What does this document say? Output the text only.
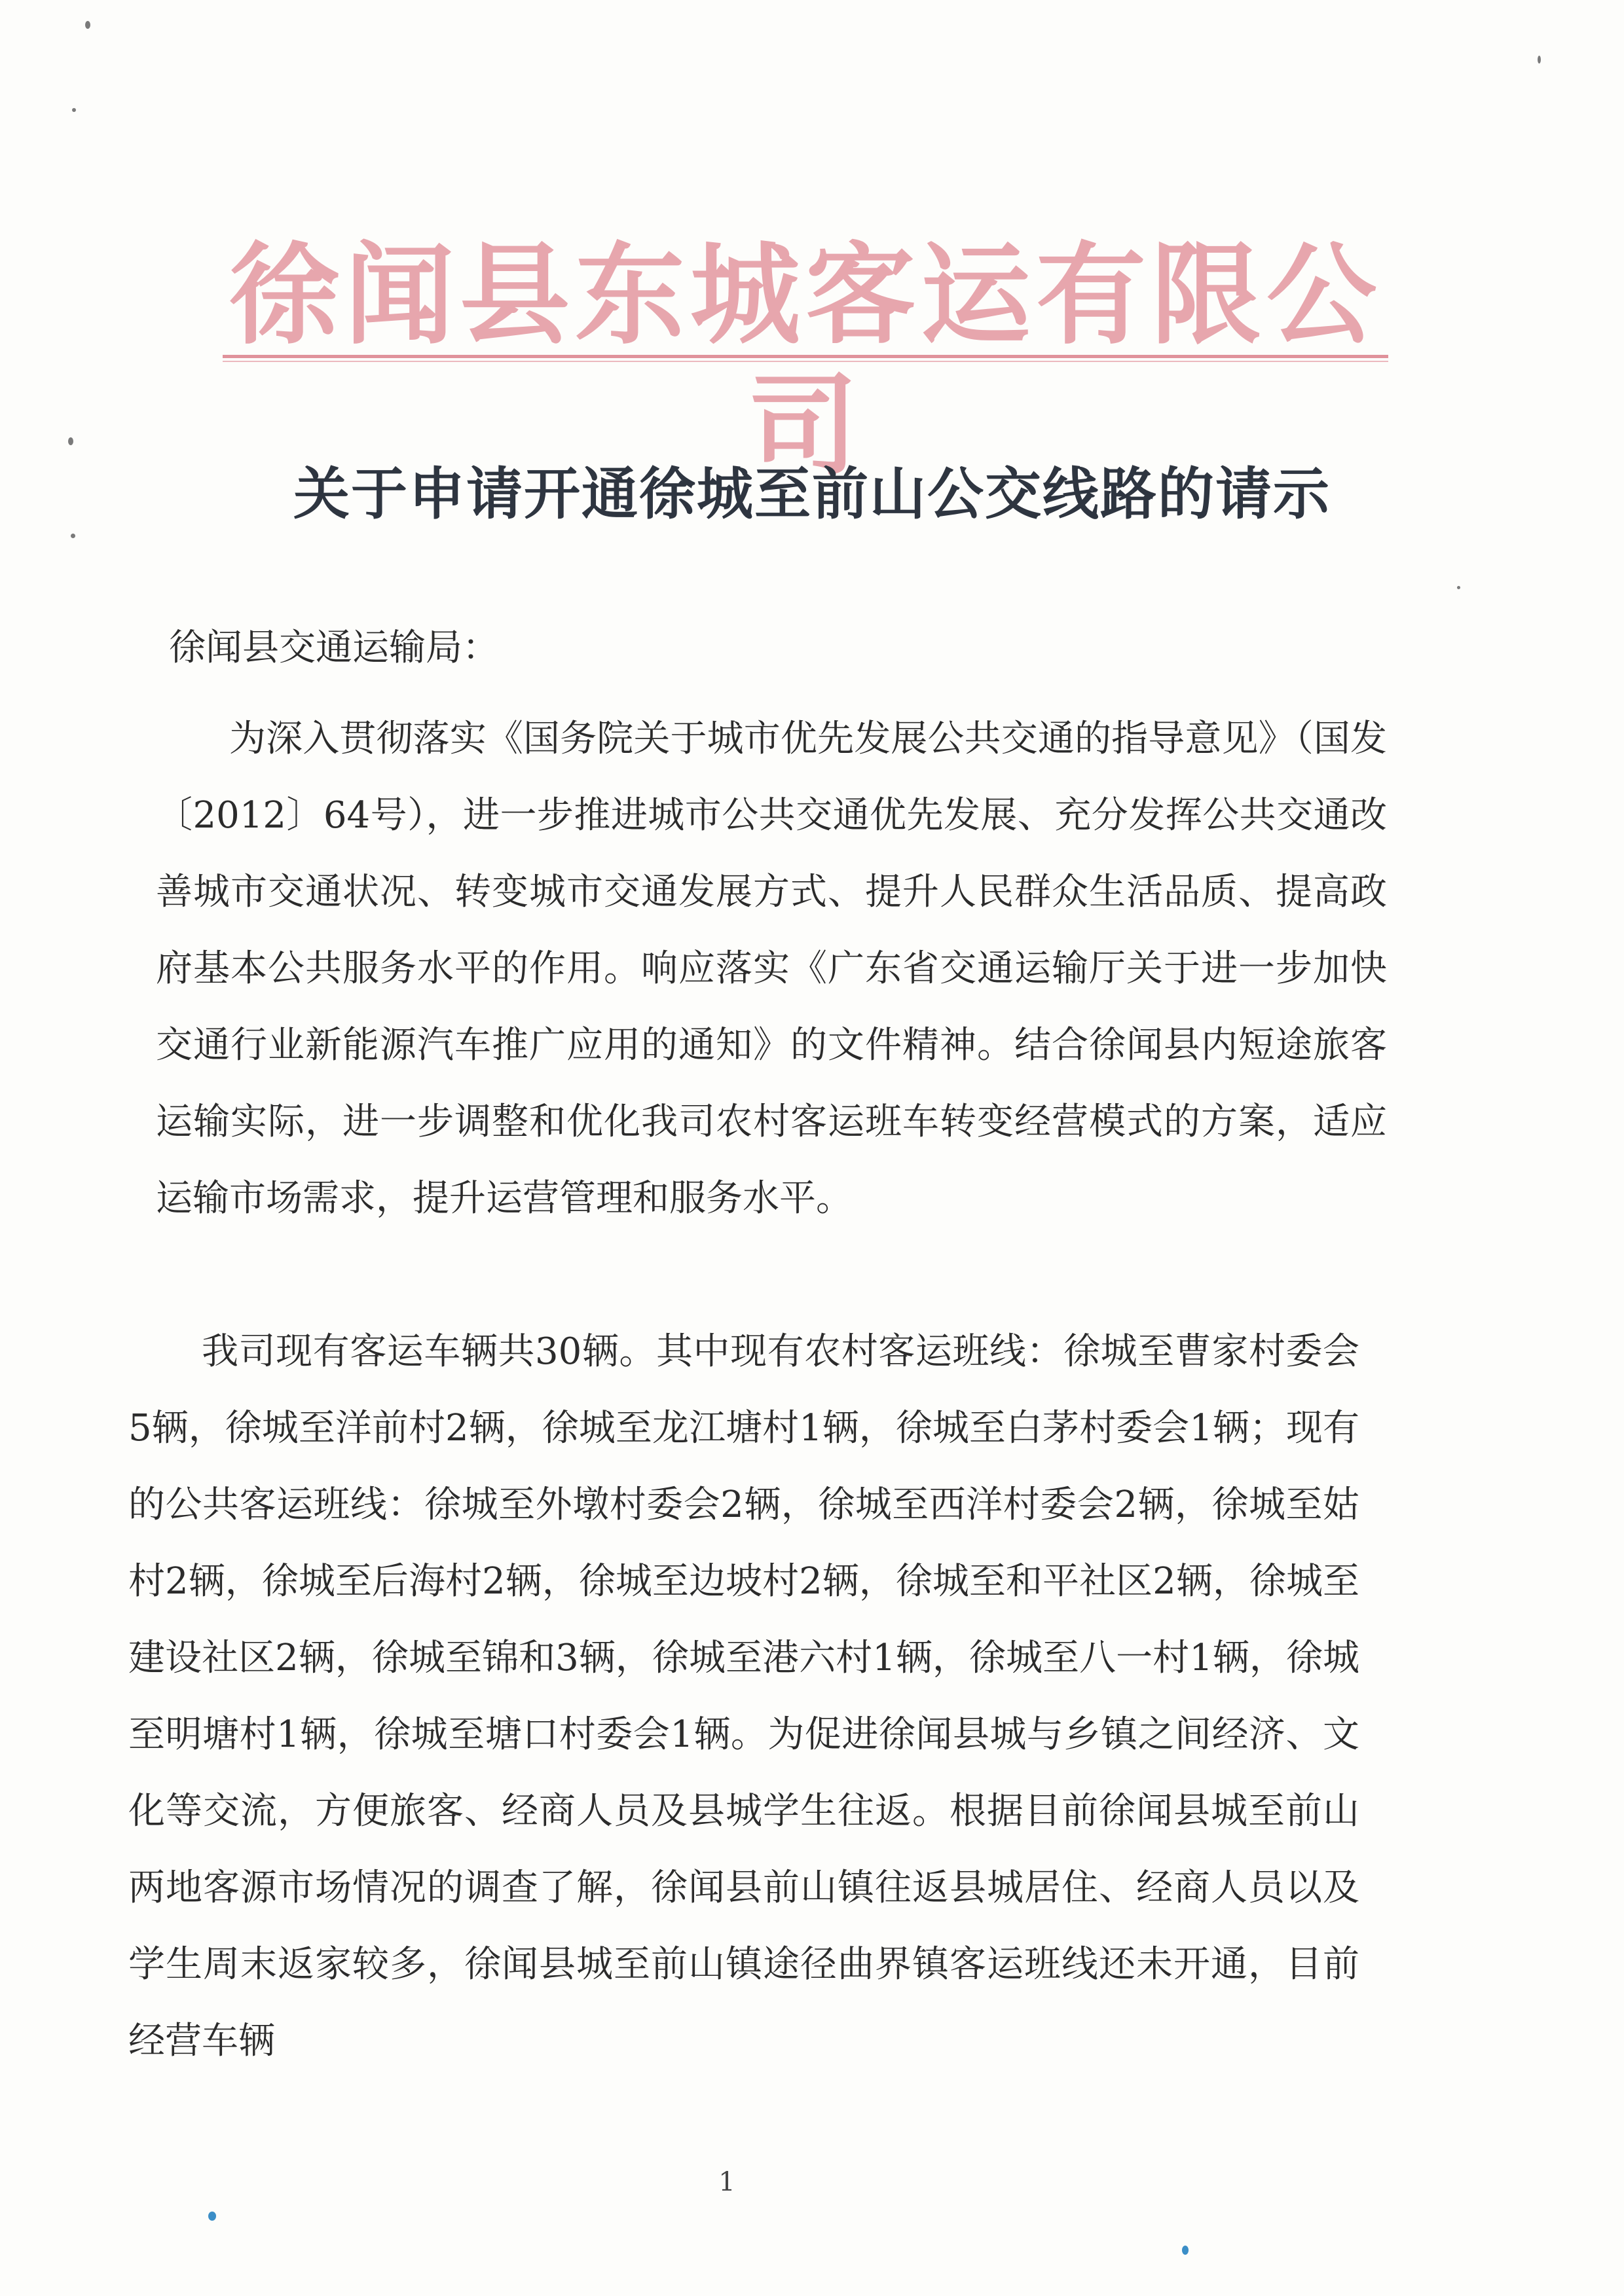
徐闻县东城客运有限公司
关于申请开通徐城至前山公交线路的请示
徐闻县交通运输局：

为深入贯彻落实《国务院关于城市优先发展公共交通的指导意见》（国发〔2012〕64号），进一步推进城市公共交通优先发展、充分发挥公共交通改善城市交通状况、转变城市交通发展方式、提升人民群众生活品质、提高政府基本公共服务水平的作用。响应落实《广东省交通运输厅关于进一步加快交通行业新能源汽车推广应用的通知》的文件精神。结合徐闻县内短途旅客运输实际，进一步调整和优化我司农村客运班车转变经营模式的方案，适应运输市场需求，提升运营管理和服务水平。

我司现有客运车辆共30辆。其中现有农村客运班线：徐城至曹家村委会5辆，徐城至洋前村2辆，徐城至龙江塘村1辆，徐城至白茅村委会1辆；现有的公共客运班线：徐城至外墩村委会2辆，徐城至西洋村委会2辆，徐城至姑村2辆，徐城至后海村2辆，徐城至边坡村2辆，徐城至和平社区2辆，徐城至建设社区2辆，徐城至锦和3辆，徐城至港六村1辆，徐城至八一村1辆，徐城至明塘村1辆，徐城至塘口村委会1辆。为促进徐闻县城与乡镇之间经济、文化等交流，方便旅客、经商人员及县城学生往返。根据目前徐闻县城至前山两地客源市场情况的调查了解，徐闻县前山镇往返县城居住、经商人员以及学生周末返家较多，徐闻县城至前山镇途径曲界镇客运班线还未开通，目前经营车辆

1
